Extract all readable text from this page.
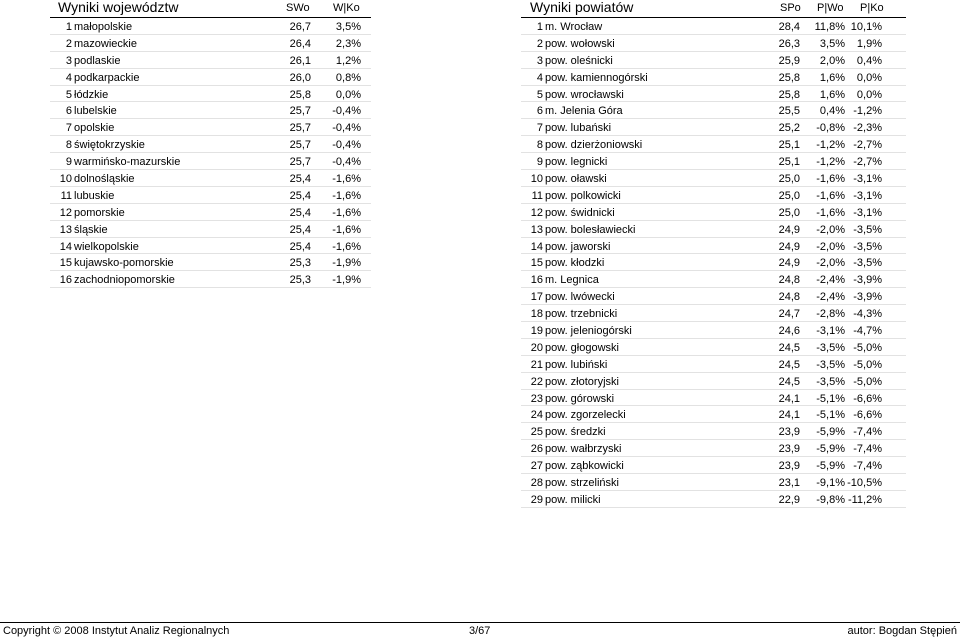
Wyniki województw	SWo W|Ko
1 małopolskie	26,7 3,5%
2 mazowieckie	26,4 2,3%
3 podlaskie	26,1 1,2%
4 podkarpackie	26,0 0,8%
5 łódzkie	25,8 0,0%
6 lubelskie	25,7 -0,4%
7 opolskie	25,7 -0,4%
8 świętokrzyskie	25,7 -0,4%
9 warmińsko-mazurskie	25,7 -0,4%
10 dolnośląskie	25,4 -1,6%
11 lubuskie	25,4 -1,6%
12 pomorskie	25,4 -1,6%
13 śląskie	25,4 -1,6%
14 wielkopolskie	25,4 -1,6%
15 kujawsko-pomorskie	25,3 -1,9%
16 zachodniopomorskie	25,3 -1,9%
Wyniki powiatów	SPo P|Wo P|Ko
1 m. Wrocław	28,4 11,8% 10,1%
2 pow. wołowski	26,3 3,5% 1,9%
3 pow. oleśnicki	25,9 2,0% 0,4%
4 pow. kamiennogórski	25,8 1,6% 0,0%
5 pow. wrocławski	25,8 1,6% 0,0%
6 m. Jelenia Góra	25,5 0,4% -1,2%
7 pow. lubański	25,2 -0,8% -2,3%
8 pow. dzierżoniowski	25,1 -1,2% -2,7%
9 pow. legnicki	25,1 -1,2% -2,7%
10 pow. oławski	25,0 -1,6% -3,1%
11 pow. polkowicki	25,0 -1,6% -3,1%
12 pow. świdnicki	25,0 -1,6% -3,1%
13 pow. bolesławiecki	24,9 -2,0% -3,5%
14 pow. jaworski	24,9 -2,0% -3,5%
15 pow. kłodzki	24,9 -2,0% -3,5%
16 m. Legnica	24,8 -2,4% -3,9%
17 pow. lwówecki	24,8 -2,4% -3,9%
18 pow. trzebnicki	24,7 -2,8% -4,3%
19 pow. jeleniogórski	24,6 -3,1% -4,7%
20 pow. głogowski	24,5 -3,5% -5,0%
21 pow. lubiński	24,5 -3,5% -5,0%
22 pow. złotoryjski	24,5 -3,5% -5,0%
23 pow. górowski	24,1 -5,1% -6,6%
24 pow. zgorzelecki	24,1 -5,1% -6,6%
25 pow. średzki	23,9 -5,9% -7,4%
26 pow. wałbrzyski	23,9 -5,9% -7,4%
27 pow. ząbkowicki	23,9 -5,9% -7,4%
28 pow. strzeliński	23,1 -9,1% -10,5%
29 pow. milicki	22,9 -9,8% -11,2%
Copyright © 2008 Instytut Analiz Regionalnych	3/67	autor: Bogdan Stępień
